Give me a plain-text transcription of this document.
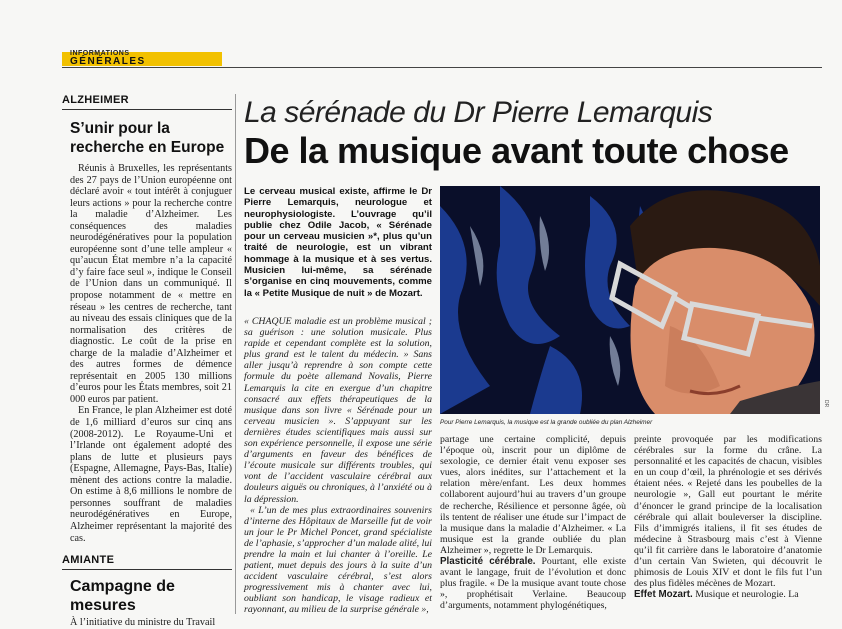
INFORMATIONS
GÉNÉRALES
ALZHEIMER
S’unir pour la recherche en Europe

Réunis à Bruxelles, les représentants des 27 pays de l’Union européenne ont déclaré avoir « tout intérêt à conjuguer leurs actions » pour la recherche contre la maladie d’Alzheimer. Les conséquences des maladies neurodégénératives pour la population européenne sont d’une telle ampleur « qu’aucun État membre n’a la capacité d’y faire face seul », indique le Conseil de l’Union dans un communiqué. Il propose notamment de « mettre en réseau » les centres de recherche, tant au niveau des essais cliniques que de la normalisation des critères de diagnostic. Le coût de la prise en charge de la maladie d’Alzheimer et des autres formes de démence représentait en 2005 130 millions d’euros pour les États membres, soit 21 000 euros par patient.

En France, le plan Alzheimer est doté de 1,6 milliard d’euros sur cinq ans (2008-2012). Le Royaume-Uni et l’Irlande ont également adopté des plans de lutte et plusieurs pays (Espagne, Allemagne, Pays-Bas, Italie) mènent des actions contre la maladie. On estime à 8,6 millions le nombre de personnes souffrant de maladies neurodégénératives en Europe, Alzheimer représentant la majorité des cas.

AMIANTE
Campagne de mesures
À l’initiative du ministre du Travail
La sérénade du Dr Pierre Lemarquis
De la musique avant toute chose
Le cerveau musical existe, affirme le Dr Pierre Lemarquis, neurologue et neurophysiologiste. L’ouvrage qu’il publie chez Odile Jacob, « Sérénade pour un cerveau musicien »*, plus qu’un traité de neurologie, est un vibrant hommage à la musique et à ses vertus. Musicien lui-même, sa sérénade s’organise en cinq mouvements, comme la « Petite Musique de nuit » de Mozart.

« CHAQUE maladie est un problème musical ; sa guérison : une solution musicale. Plus rapide et cependant complète est la solution, plus grand est le talent du médecin. » Sans aller jusqu’à reprendre à son compte cette formule du poète allemand Novalis, Pierre Lemarquis la cite en exergue d’un chapitre consacré aux effets thérapeutiques de la musique dans son livre « Sérénade pour un cerveau musicien ». S’appuyant sur les dernières études scientifiques mais aussi sur son expérience personnelle, il expose une série d’arguments en faveur des bénéfices de l’écoute musicale sur différents troubles, qui vont de l’accident vasculaire cérébral aux douleurs aiguës ou chroniques, à l’anxiété ou à la dépression.

« L’un de mes plus extraordinaires souvenirs d’interne des Hôpitaux de Marseille fut de voir un jour le Pr Michel Poncet, grand spécialiste de l’aphasie, s’approcher d’un malade alité, lui prendre la main et lui chanter à l’oreille. Le patient, muet depuis des jours à la suite d’un accident vasculaire cérébral, s’est alors progressivement mis à chanter avec lui, oubliant son handicap, le visage radieux et rayonnant, au milieu de la surprise générale »,

Pour Pierre Lemarquis, la musique est la grande oubliée du plan Alzheimer
DR
partage une certaine complicité, depuis l’époque où, inscrit pour un diplôme de sexologie, ce dernier était venu exposer ses vues, alors inédites, sur l’attachement et la relation mère/enfant. Les deux hommes collaborent aujourd’hui au travers d’un groupe de recherche, Résilience et personne âgée, où ils tentent de réaliser une étude sur l’impact de la musique dans la maladie d’Alzheimer. « La musique est la grande oubliée du plan Alzheimer », regrette le Dr Lemarquis.
Plasticité cérébrale. Pourtant, elle existe avant le langage, fruit de l’évolution et donc plus fragile. « De la musique avant toute chose », prophétisait Verlaine. Beaucoup d’arguments, notamment phylogénétiques,
preinte provoquée par les modifications cérébrales sur la forme du crâne. La personnalité et les capacités de chacun, visibles en un coup d’œil, la phrénologie et ses dérivés étaient nées. « Rejeté dans les poubelles de la neurologie », Gall eut pourtant le mérite d’énoncer le grand principe de la localisation cérébrale qui allait bouleverser la discipline. Fils d’immigrés italiens, il fit ses études de médecine à Strasbourg mais c’est à Vienne qu’il fit carrière dans le laboratoire d’anatomie d’un certain Van Swieten, qui découvrit le phimosis de Louis XIV et dont le fils fut l’un des plus fidèles mécènes de Mozart.
Effet Mozart. Musique et neurologie. La
